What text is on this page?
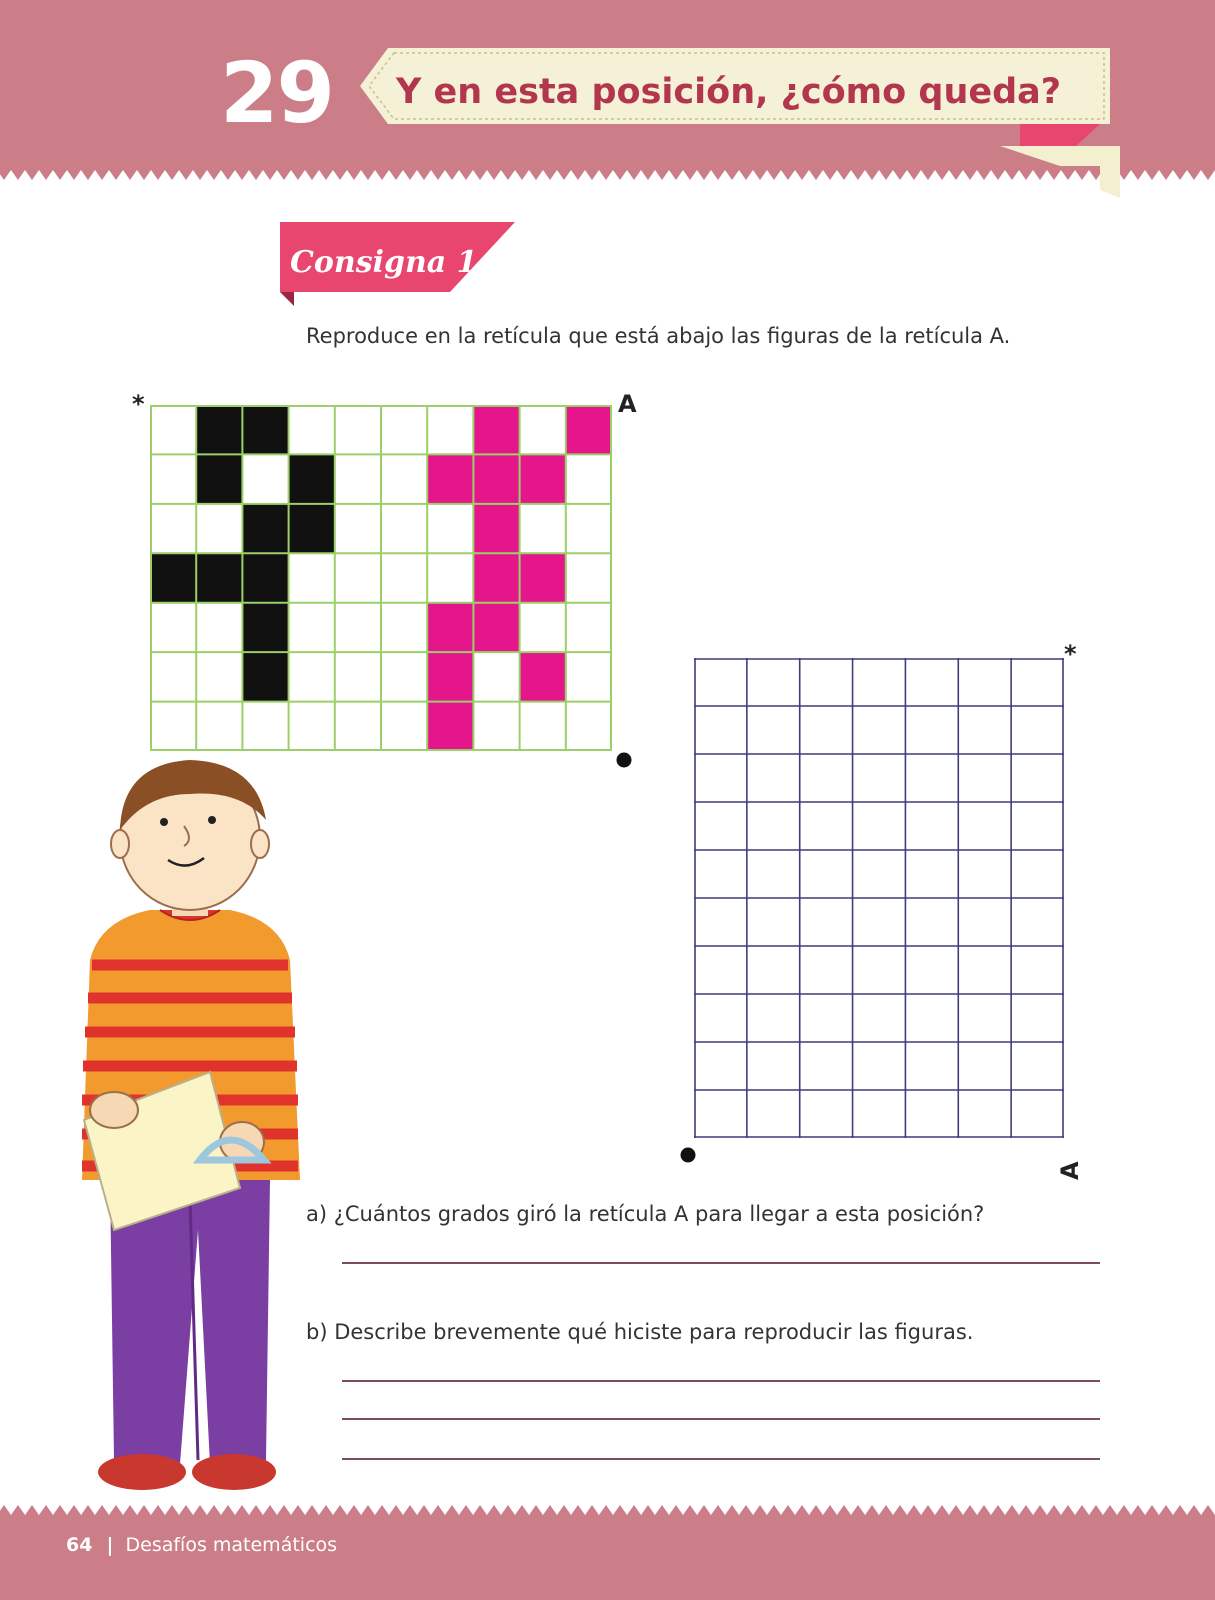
29 Y en esta posición, ¿cómo queda?
Consigna 1
Reproduce en la retícula que está abajo las figuras de la retícula A.
*	A
*
A
a) ¿Cuántos grados giró la retícula A para llegar a esta posición?
b) Describe brevemente qué hiciste para reproducir las figuras.
64 | Desafíos matemáticos
